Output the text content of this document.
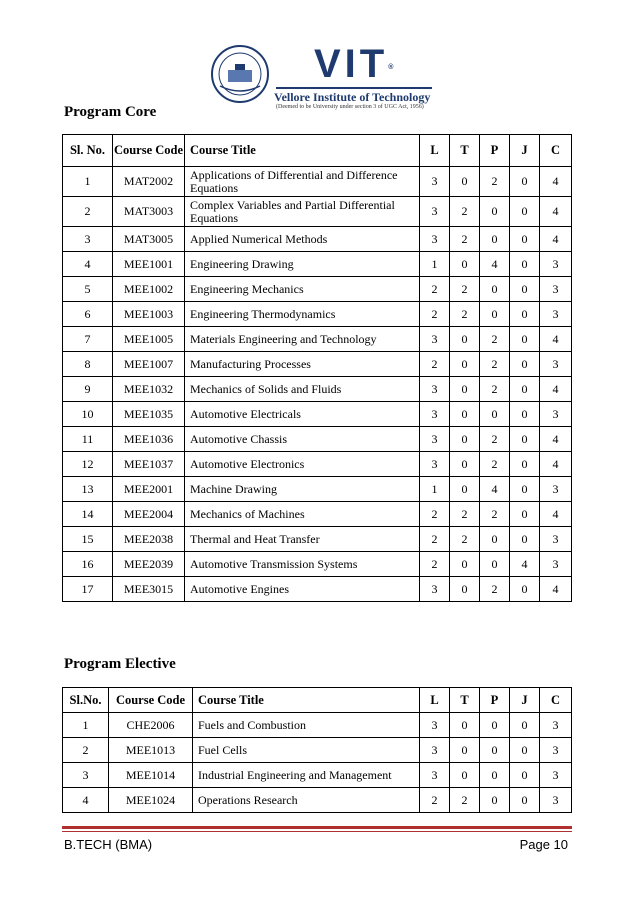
VIT®
Vellore Institute of Technology
(Deemed to be University under section 3 of UGC Act, 1956)
Program Core
Sl. No.	Course Code	Course Title	L	T	P	J	C
1	MAT2002	Applications of Differential and Difference Equations	3	0	2	0	4
2	MAT3003	Complex Variables and Partial Differential Equations	3	2	0	0	4
3	MAT3005	Applied Numerical Methods	3	2	0	0	4
4	MEE1001	Engineering Drawing	1	0	4	0	3
5	MEE1002	Engineering Mechanics	2	2	0	0	3
6	MEE1003	Engineering Thermodynamics	2	2	0	0	3
7	MEE1005	Materials Engineering and Technology	3	0	2	0	4
8	MEE1007	Manufacturing Processes	2	0	2	0	3
9	MEE1032	Mechanics of Solids and Fluids	3	0	2	0	4
10	MEE1035	Automotive Electricals	3	0	0	0	3
11	MEE1036	Automotive Chassis	3	0	2	0	4
12	MEE1037	Automotive Electronics	3	0	2	0	4
13	MEE2001	Machine Drawing	1	0	4	0	3
14	MEE2004	Mechanics of Machines	2	2	2	0	4
15	MEE2038	Thermal and Heat Transfer	2	2	0	0	3
16	MEE2039	Automotive Transmission Systems	2	0	0	4	3
17	MEE3015	Automotive Engines	3	0	2	0	4
Program Elective
Sl.No.	Course Code	Course Title	L	T	P	J	C
1	CHE2006	Fuels and Combustion	3	0	0	0	3
2	MEE1013	Fuel Cells	3	0	0	0	3
3	MEE1014	Industrial Engineering and Management	3	0	0	0	3
4	MEE1024	Operations Research	2	2	0	0	3
B.TECH (BMA)	Page 10
